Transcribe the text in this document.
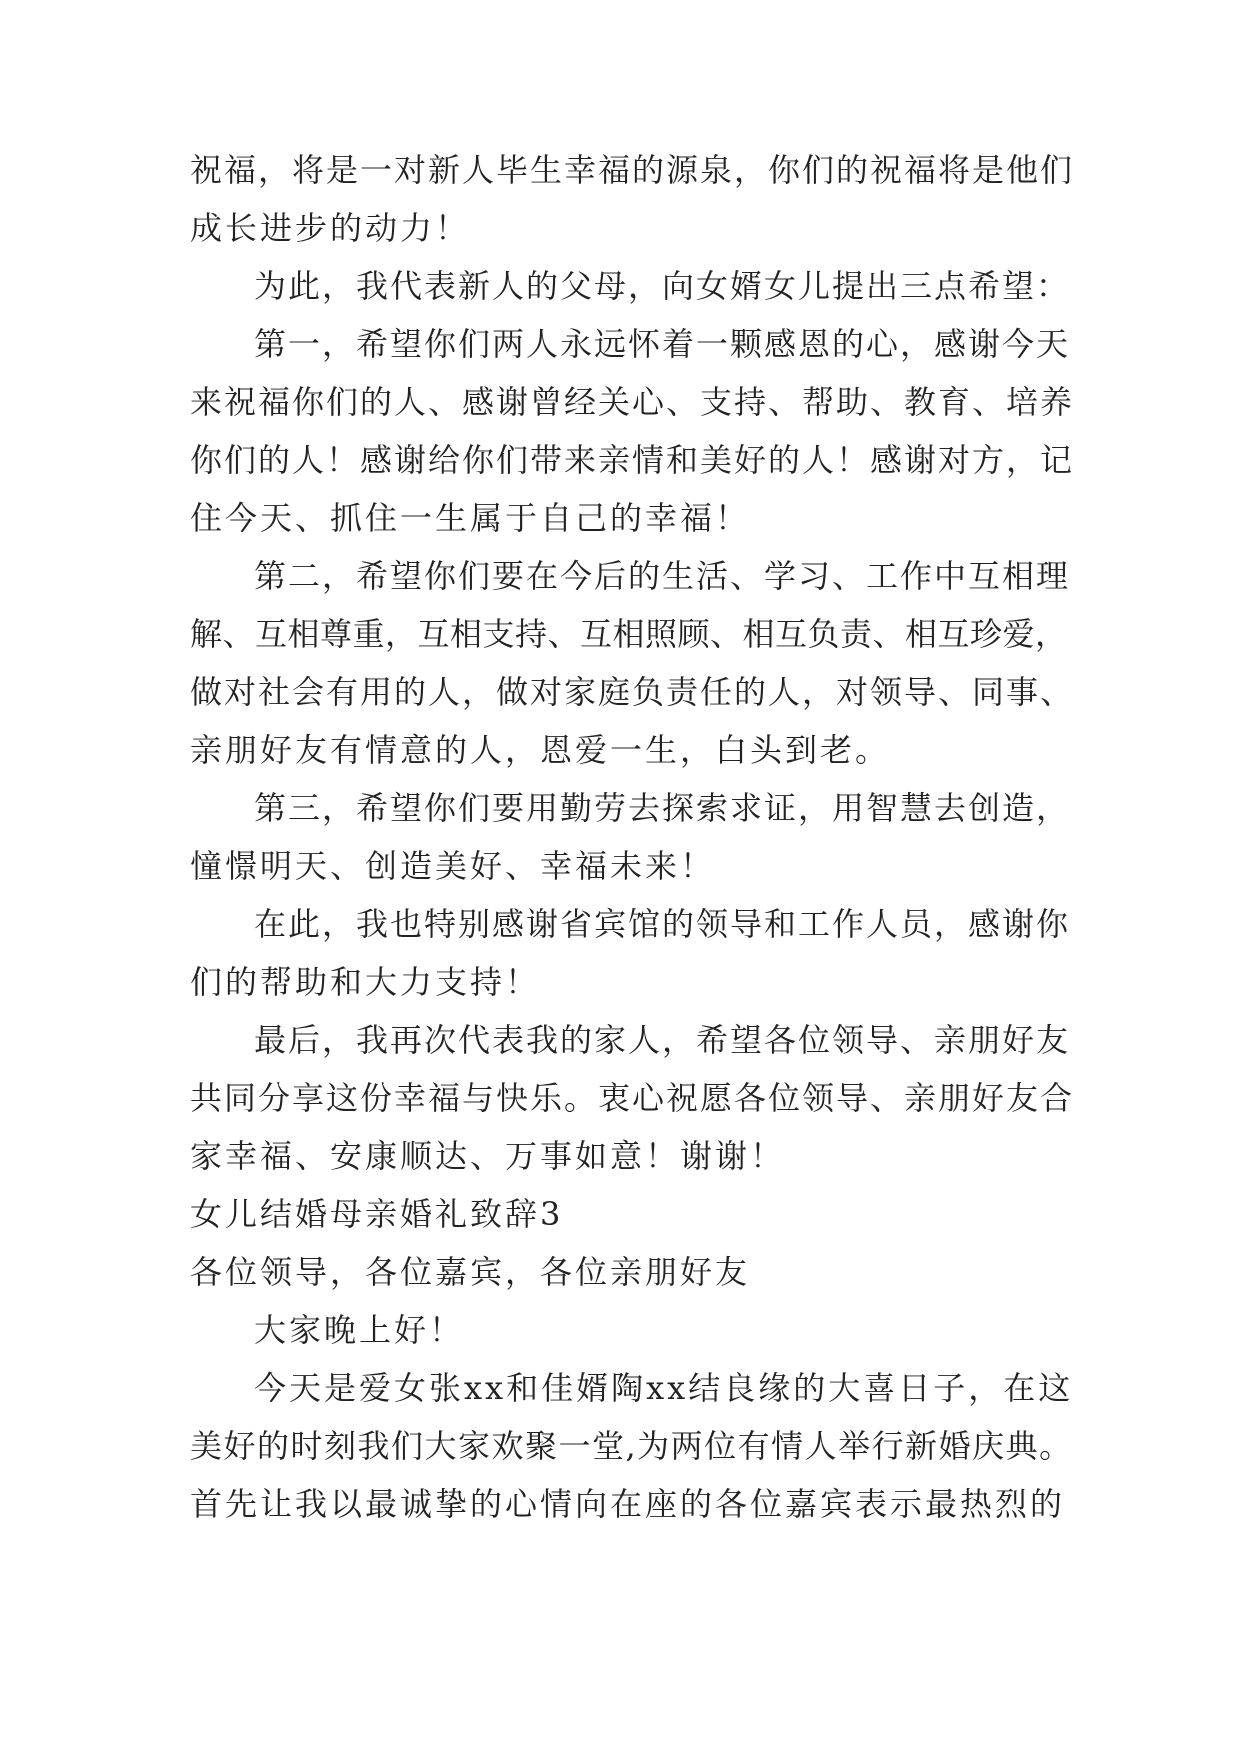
祝福，将是一对新人毕生幸福的源泉，你们的祝福将是他们
成长进步的动力！
为此，我代表新人的父母，向女婿女儿提出三点希望：
第一，希望你们两人永远怀着一颗感恩的心，感谢今天
来祝福你们的人、感谢曾经关心、支持、帮助、教育、培养
你们的人！感谢给你们带来亲情和美好的人！感谢对方，记
住今天、抓住一生属于自己的幸福！
第二，希望你们要在今后的生活、学习、工作中互相理
解、互相尊重，互相支持、互相照顾、相互负责、相互珍爱，
做对社会有用的人，做对家庭负责任的人，对领导、同事、
亲朋好友有情意的人，恩爱一生，白头到老。
第三，希望你们要用勤劳去探索求证，用智慧去创造，
憧憬明天、创造美好、幸福未来！
在此，我也特别感谢省宾馆的领导和工作人员，感谢你
们的帮助和大力支持！
最后，我再次代表我的家人，希望各位领导、亲朋好友
共同分享这份幸福与快乐。衷心祝愿各位领导、亲朋好友合
家幸福、安康顺达、万事如意！谢谢！
女儿结婚母亲婚礼致辞3
各位领导，各位嘉宾，各位亲朋好友
大家晚上好！
今天是爱女张xx和佳婿陶xx结良缘的大喜日子，在这
美好的时刻我们大家欢聚一堂,为两位有情人举行新婚庆典。
首先让我以最诚挚的心情向在座的各位嘉宾表示最热烈的
